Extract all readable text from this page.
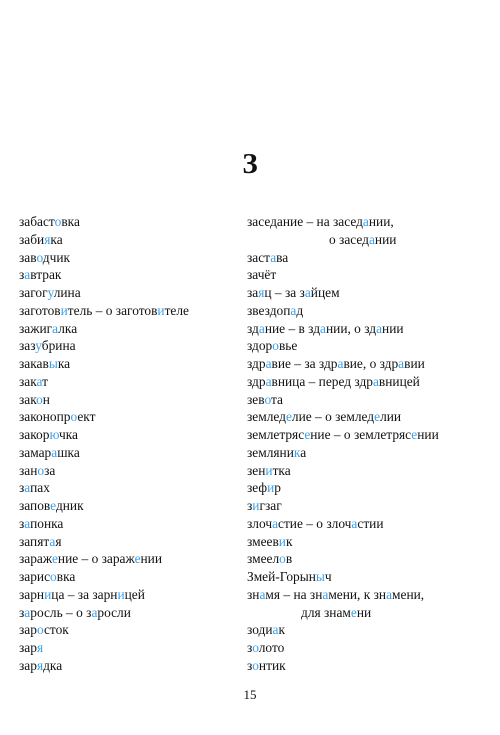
З
забастовка
забияка
заводчик
завтрак
загогулина
заготовитель – о заготовителе
зажигалка
зазубрина
закавыка
закат
закон
законопроект
закорючка
замарашка
заноза
запах
заповедник
запонка
запятая
заражение – о заражении
зарисовка
зарница – за зарницей
заросль – о заросли
заросток
заря
зарядка
заседание – на заседании,
о заседании
застава
зачёт
заяц – за зайцем
звездопад
здание – в здании, о здании
здоровье
здравие – за здравие, о здравии
здравница – перед здравницей
зевота
земледелие – о земледелии
землетрясение – о землетрясении
земляника
зенитка
зефир
зигзаг
злочастие – о злочастии
змеевик
змеелов
Змей-Горыныч
знамя – на знамени, к знамени,
для знамени
зодиак
золото
зонтик
15
